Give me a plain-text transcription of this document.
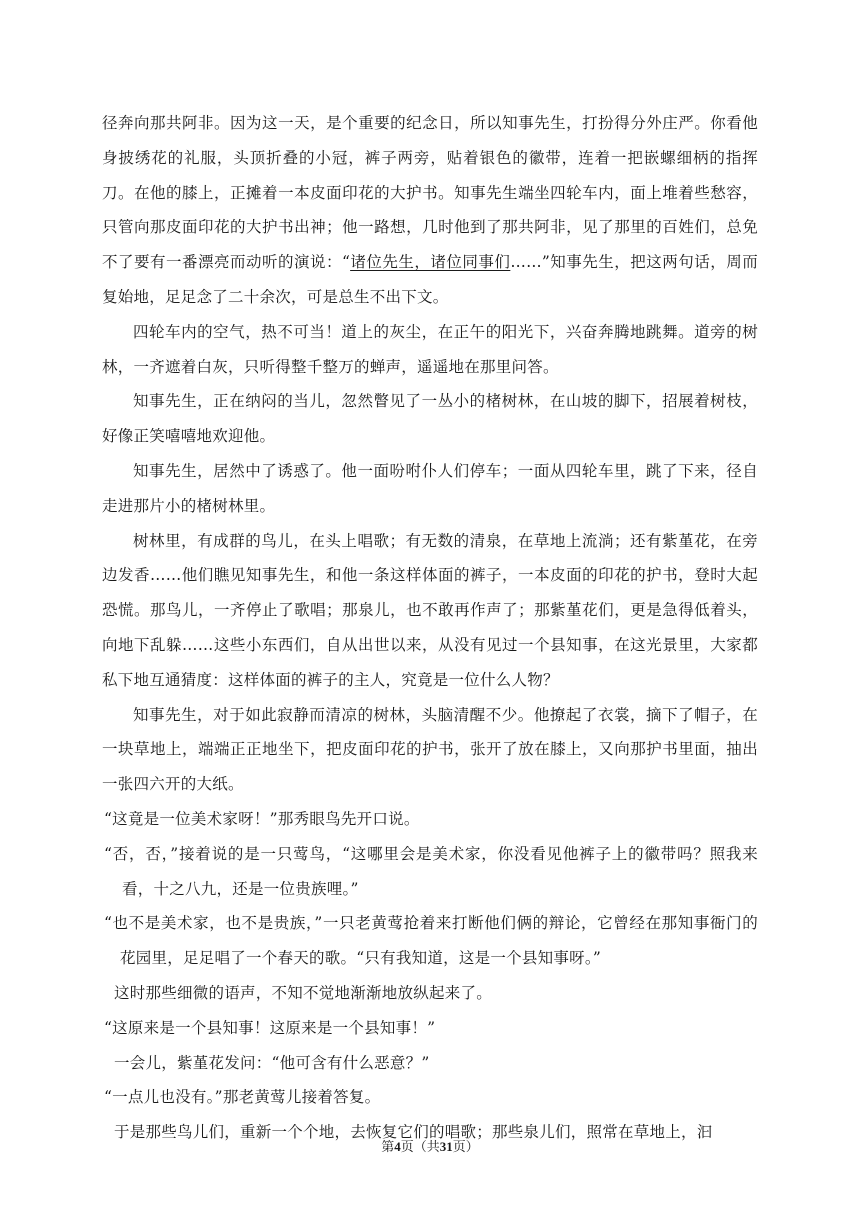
径奔向那共阿非。因为这一天，是个重要的纪念日，所以知事先生，打扮得分外庄严。你看他身披绣花的礼服，头顶折叠的小冠，裤子两旁，贴着银色的徽带，连着一把嵌螺细柄的指挥刀。在他的膝上，正摊着一本皮面印花的大护书。知事先生端坐四轮车内，面上堆着些愁容，只管向那皮面印花的大护书出神；他一路想，几时他到了那共阿非，见了那里的百姓们，总免不了要有一番漂亮而动听的演说：“诸位先生，诸位同事们……”知事先生，把这两句话，周而复始地，足足念了二十余次，可是总生不出下文。

四轮车内的空气，热不可当！道上的灰尘，在正午的阳光下，兴奋奔腾地跳舞。道旁的树林，一齐遮着白灰，只听得整千整万的蝉声，遥遥地在那里问答。

知事先生，正在纳闷的当儿，忽然瞥见了一丛小的楮树林，在山坡的脚下，招展着树枝，好像正笑嘻嘻地欢迎他。

知事先生，居然中了诱惑了。他一面吩咐仆人们停车；一面从四轮车里，跳了下来，径自走进那片小的楮树林里。

树林里，有成群的鸟儿，在头上唱歌；有无数的清泉，在草地上流淌；还有紫堇花，在旁边发香……他们瞧见知事先生，和他一条这样体面的裤子，一本皮面的印花的护书，登时大起恐慌。那鸟儿，一齐停止了歌唱；那泉儿，也不敢再作声了；那紫堇花们，更是急得低着头，向地下乱躲……这些小东西们，自从出世以来，从没有见过一个县知事，在这光景里，大家都私下地互通猜度：这样体面的裤子的主人，究竟是一位什么人物？

知事先生，对于如此寂静而清凉的树林，头脑清醒不少。他撩起了衣裳，摘下了帽子，在一块草地上，端端正正地坐下，把皮面印花的护书，张开了放在膝上，又向那护书里面，抽出一张四六开的大纸。

“这竟是一位美术家呀！”那秀眼鸟先开口说。

“否，否，”接着说的是一只莺鸟，“这哪里会是美术家，你没看见他裤子上的徽带吗？照我来看，十之八九，还是一位贵族哩。”

“也不是美术家，也不是贵族，”一只老黄莺抢着来打断他们俩的辩论，它曾经在那知事衙门的花园里，足足唱了一个春天的歌。“只有我知道，这是一个县知事呀。”

这时那些细微的语声，不知不觉地渐渐地放纵起来了。

“这原来是一个县知事！这原来是一个县知事！”

一会儿，紫堇花发问：“他可含有什么恶意？”

“一点儿也没有。”那老黄莺儿接着答复。

于是那些鸟儿们，重新一个个地，去恢复它们的唱歌；那些泉儿们，照常在草地上，汩

第4页（共31页）
